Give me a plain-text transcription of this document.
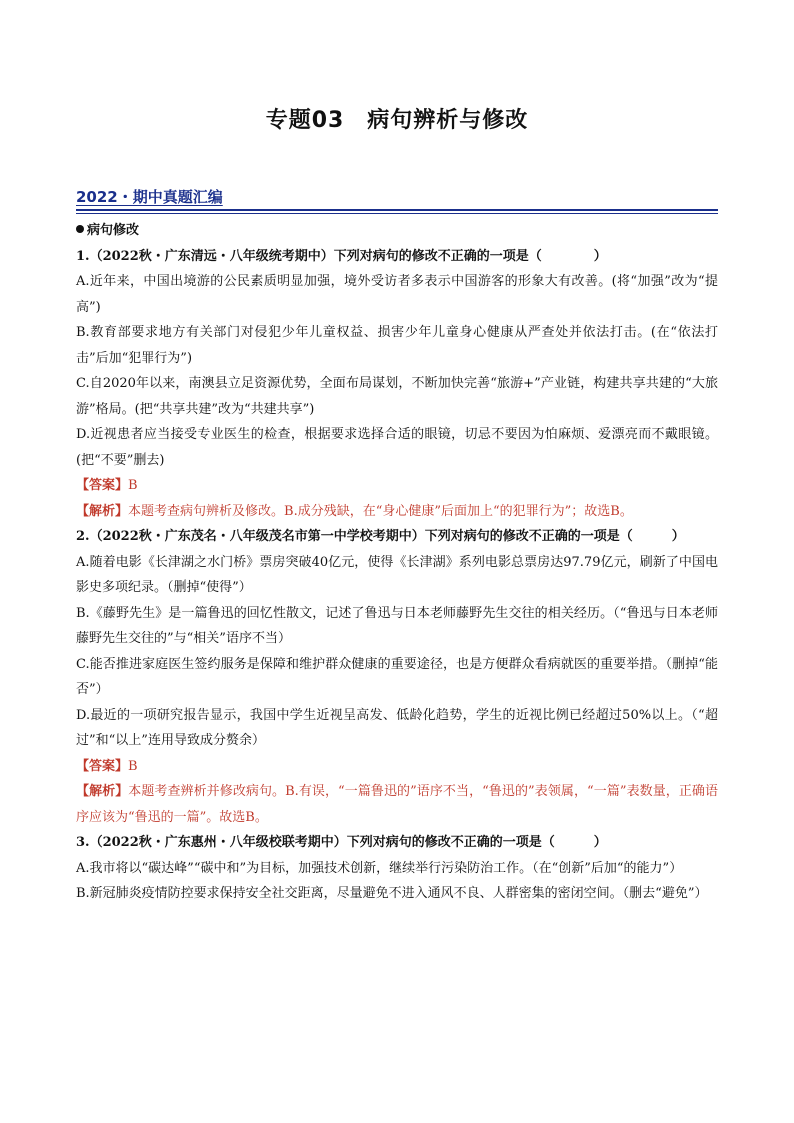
专题03　病句辨析与修改
2022・期中真题汇编

病句修改

1.（2022秋・广东清远・八年级统考期中）下列对病句的修改不正确的一项是（　　　　）

A.近年来，中国出境游的公民素质明显加强，境外受访者多表示中国游客的形象大有改善。(将“加强”改为“提高”)

B.教育部要求地方有关部门对侵犯少年儿童权益、损害少年儿童身心健康从严查处并依法打击。(在“依法打击”后加“犯罪行为”)

C.自2020年以来，南澳县立足资源优势，全面布局谋划，不断加快完善“旅游+”产业链，构建共享共建的“大旅游”格局。(把“共享共建”改为“共建共享”)

D.近视患者应当接受专业医生的检查，根据要求选择合适的眼镜，切忌不要因为怕麻烦、爱漂亮而不戴眼镜。(把“不要”删去)

【答案】B

【解析】本题考查病句辨析及修改。B.成分残缺，在“身心健康”后面加上“的犯罪行为”；故选B。

2.（2022秋・广东茂名・八年级茂名市第一中学校考期中）下列对病句的修改不正确的一项是（　　　）

A.随着电影《长津湖之水门桥》票房突破40亿元，使得《长津湖》系列电影总票房达97.79亿元，刷新了中国电影史多项纪录。（删掉“使得”）

B.《藤野先生》是一篇鲁迅的回忆性散文，记述了鲁迅与日本老师藤野先生交往的相关经历。（“鲁迅与日本老师藤野先生交往的”与“相关”语序不当）

C.能否推进家庭医生签约服务是保障和维护群众健康的重要途径，也是方便群众看病就医的重要举措。（删掉“能否”）

D.最近的一项研究报告显示，我国中学生近视呈高发、低龄化趋势，学生的近视比例已经超过50%以上。（“超过”和“以上”连用导致成分赘余）

【答案】B

【解析】本题考查辨析并修改病句。B.有误，“一篇鲁迅的”语序不当，“鲁迅的”表领属，“一篇”表数量，正确语序应该为“鲁迅的一篇”。故选B。

3.（2022秋・广东惠州・八年级校联考期中）下列对病句的修改不正确的一项是（　　　）

A.我市将以“碳达峰”“碳中和”为目标，加强技术创新，继续举行污染防治工作。（在“创新”后加“的能力”）

B.新冠肺炎疫情防控要求保持安全社交距离，尽量避免不进入通风不良、人群密集的密闭空间。（删去“避免”）
